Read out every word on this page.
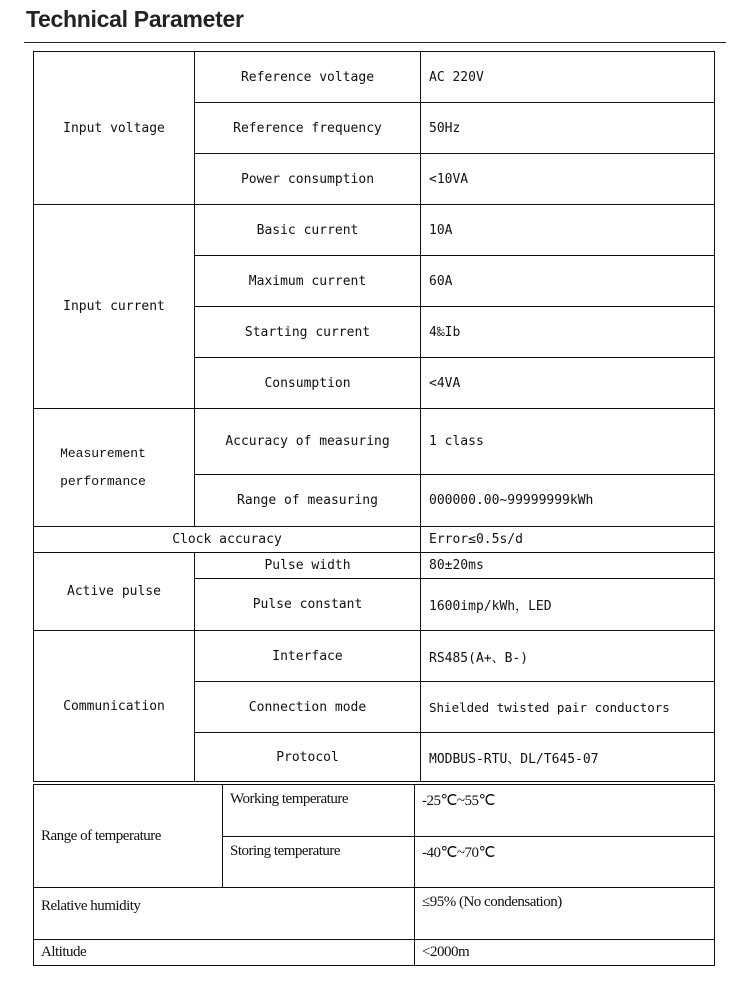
Technical Parameter
Input voltage	Reference voltage	AC 220V
	Reference frequency	50Hz
	Power consumption	<10VA
Input current	Basic current	10A
	Maximum current	60A
	Starting current	4‰Ib
	Consumption	<4VA

Measurement
performance	Accuracy of measuring	1 class
	Range of measuring	000000.00~99999999kWh
Clock accuracy		Error≤0.5s/d
Active pulse	Pulse width	80±20ms
	Pulse constant	1600imp/kWh，LED
Communication	Interface	RS485(A+、B-)
	Connection mode	Shielded twisted pair conductors
	Protocol	MODBUS-RTU、DL/T645-07
Range of temperature	Working temperature	-25℃~55℃
	Storing temperature	-40℃~70℃
Relative humidity		≤95% (No condensation)
Altitude		<2000m
